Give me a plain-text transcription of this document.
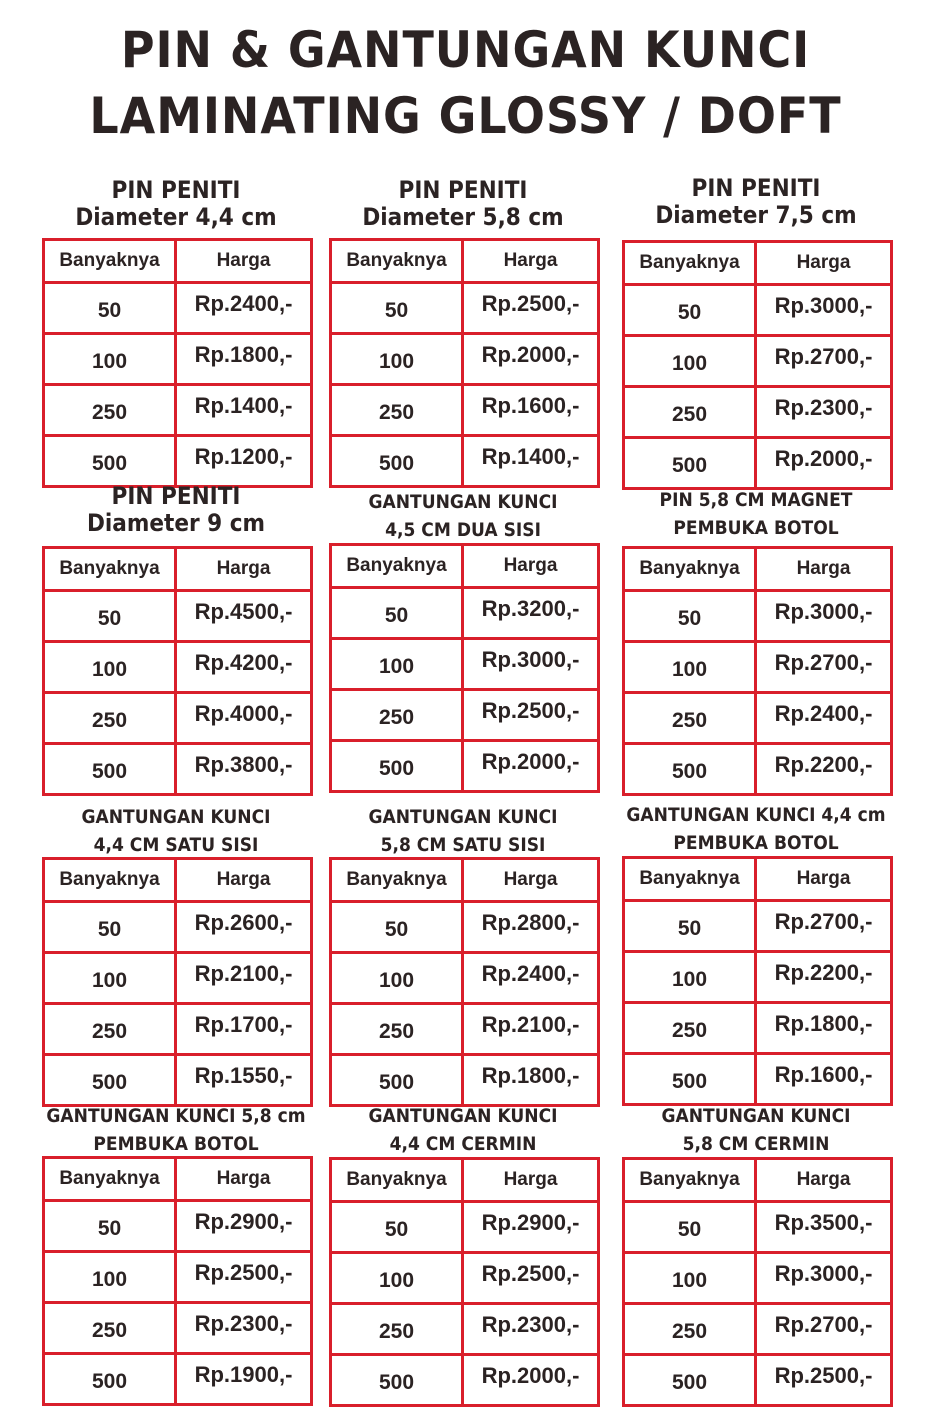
PIN & GANTUNGAN KUNCI
LAMINATING GLOSSY / DOFT
PIN PENITI
Diameter 4,4 cm
Banyaknya	Harga
50	Rp.2400,-
100	Rp.1800,-
250	Rp.1400,-
500	Rp.1200,-
PIN PENITI
Diameter 5,8 cm
Banyaknya	Harga
50	Rp.2500,-
100	Rp.2000,-
250	Rp.1600,-
500	Rp.1400,-
PIN PENITI
Diameter 7,5 cm
Banyaknya	Harga
50	Rp.3000,-
100	Rp.2700,-
250	Rp.2300,-
500	Rp.2000,-
PIN PENITI
Diameter 9 cm
Banyaknya	Harga
50	Rp.4500,-
100	Rp.4200,-
250	Rp.4000,-
500	Rp.3800,-
GANTUNGAN KUNCI
4,5 CM DUA SISI
Banyaknya	Harga
50	Rp.3200,-
100	Rp.3000,-
250	Rp.2500,-
500	Rp.2000,-
PIN 5,8 CM MAGNET
PEMBUKA BOTOL
Banyaknya	Harga
50	Rp.3000,-
100	Rp.2700,-
250	Rp.2400,-
500	Rp.2200,-
GANTUNGAN KUNCI
4,4 CM SATU SISI
Banyaknya	Harga
50	Rp.2600,-
100	Rp.2100,-
250	Rp.1700,-
500	Rp.1550,-
GANTUNGAN KUNCI
5,8 CM SATU SISI
Banyaknya	Harga
50	Rp.2800,-
100	Rp.2400,-
250	Rp.2100,-
500	Rp.1800,-
GANTUNGAN KUNCI 4,4 cm
PEMBUKA BOTOL
Banyaknya	Harga
50	Rp.2700,-
100	Rp.2200,-
250	Rp.1800,-
500	Rp.1600,-
GANTUNGAN KUNCI 5,8 cm
PEMBUKA BOTOL
Banyaknya	Harga
50	Rp.2900,-
100	Rp.2500,-
250	Rp.2300,-
500	Rp.1900,-
GANTUNGAN KUNCI
4,4 CM CERMIN
Banyaknya	Harga
50	Rp.2900,-
100	Rp.2500,-
250	Rp.2300,-
500	Rp.2000,-
GANTUNGAN KUNCI
5,8 CM CERMIN
Banyaknya	Harga
50	Rp.3500,-
100	Rp.3000,-
250	Rp.2700,-
500	Rp.2500,-
